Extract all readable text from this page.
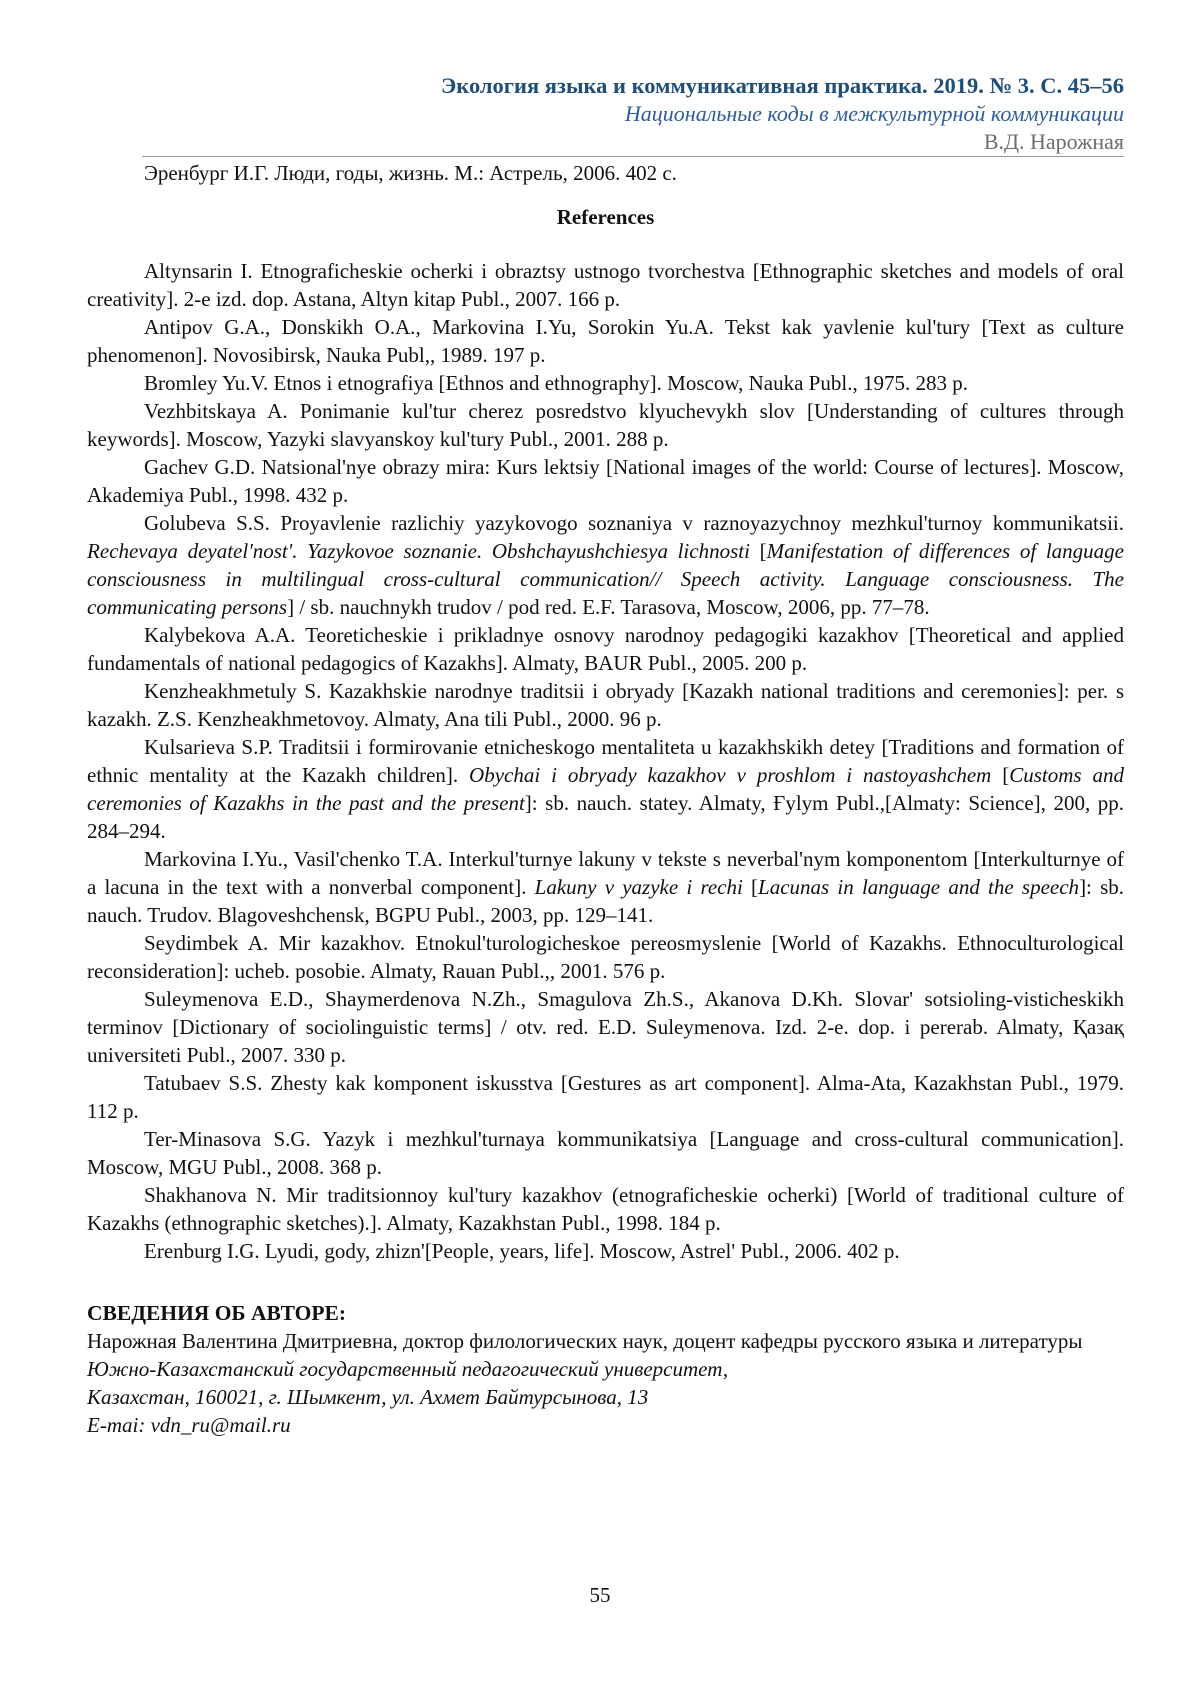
Экология языка и коммуникативная практика. 2019. № 3. С. 45–56
Национальные коды в межкультурной коммуникации
В.Д. Нарожная

Эренбург И.Г. Люди, годы, жизнь. М.: Астрель, 2006. 402 с.

References

Altynsarin I. Etnograficheskie ocherki i obraztsy ustnogo tvorchestva [Ethnographic sketches and models of oral creativity]. 2-e izd. dop. Astana, Altyn kitap Publ., 2007. 166 p.

Antipov G.A., Donskikh O.A., Markovina I.Yu, Sorokin Yu.A. Tekst kak yavlenie kul'tury [Text as culture phenomenon]. Novosibirsk, Nauka Publ,, 1989. 197 p.

Bromley Yu.V. Etnos i etnografiya [Ethnos and ethnography]. Moscow, Nauka Publ., 1975. 283 p.

Vezhbitskaya A. Ponimanie kul'tur cherez posredstvo klyuchevykh slov [Understanding of cultures through keywords]. Moscow, Yazyki slavyanskoy kul'tury Publ., 2001. 288 p.

Gachev G.D. Natsional'nye obrazy mira: Kurs lektsiy [National images of the world: Course of lectures]. Moscow, Akademiya Publ., 1998. 432 p.

Golubeva S.S. Proyavlenie razlichiy yazykovogo soznaniya v raznoyazychnoy mezhkul'turnoy kommunikatsii. Rechevaya deyatel'nost'. Yazykovoe soznanie. Obshchayushchiesya lichnosti [Manifestation of differences of language consciousness in multilingual cross-cultural communication// Speech activity. Language consciousness. The communicating persons] / sb. nauchnykh trudov / pod red. E.F. Tarasova, Moscow, 2006, pp. 77–78.

Kalybekova A.A. Teoreticheskie i prikladnye osnovy narodnoy pedagogiki kazakhov [Theoretical and applied fundamentals of national pedagogics of Kazakhs]. Almaty, BAUR Publ., 2005. 200 p.

Kenzheakhmetuly S. Kazakhskie narodnye traditsii i obryady [Kazakh national traditions and ceremonies]: per. s kazakh. Z.S. Kenzheakhmetovoy. Almaty, Ana tili Publ., 2000. 96 p.

Kulsarieva S.P. Traditsii i formirovanie etnicheskogo mentaliteta u kazakhskikh detey [Traditions and formation of ethnic mentality at the Kazakh children]. Obychai i obryady kazakhov v proshlom i nastoyashchem [Customs and ceremonies of Kazakhs in the past and the present]: sb. nauch. statey. Almaty, Ғylym Publ.,[Almaty: Science], 200, pp. 284–294.

Markovina I.Yu., Vasil'chenko T.A. Interkul'turnye lakuny v tekste s neverbal'nym komponentom [Interkulturnye of a lacuna in the text with a nonverbal component]. Lakuny v yazyke i rechi [Lacunas in language and the speech]: sb. nauch. Trudov. Blagoveshchensk, BGPU Publ., 2003, pp. 129–141.

Seydimbek A. Mir kazakhov. Etnokul'turologicheskoe pereosmyslenie [World of Kazakhs. Ethnoculturological reconsideration]: ucheb. posobie. Almaty, Rauan Publ.,, 2001. 576 p.

Suleymenova E.D., Shaymerdenova N.Zh., Smagulova Zh.S., Akanova D.Kh. Slovar' sotsioling-visticheskikh terminov [Dictionary of sociolinguistic terms] / otv. red. E.D. Suleymenova. Izd. 2-e. dop. i pererab. Almaty, Қазақ universiteti Publ., 2007. 330 p.

Tatubaev S.S. Zhesty kak komponent iskusstva [Gestures as art component]. Alma-Ata, Kazakhstan Publ., 1979. 112 p.

Ter-Minasova S.G. Yazyk i mezhkul'turnaya kommunikatsiya [Language and cross-cultural communication]. Moscow, MGU Publ., 2008. 368 p.

Shakhanova N. Mir traditsionnoy kul'tury kazakhov (etnograficheskie ocherki) [World of traditional culture of Kazakhs (ethnographic sketches).]. Almaty, Kazakhstan Publ., 1998. 184 p.

Erenburg I.G. Lyudi, gody, zhizn'[People, years, life]. Moscow, Astrel' Publ., 2006. 402 p.

СВЕДЕНИЯ ОБ АВТОРЕ:

Нарожная Валентина Дмитриевна, доктор филологических наук, доцент кафедры русского языка и литературы

Южно-Казахстанский государственный педагогический университет,

Казахстан, 160021, г. Шымкент, ул. Ахмет Байтурсынова, 13

E-mai: vdn_ru@mail.ru

55
